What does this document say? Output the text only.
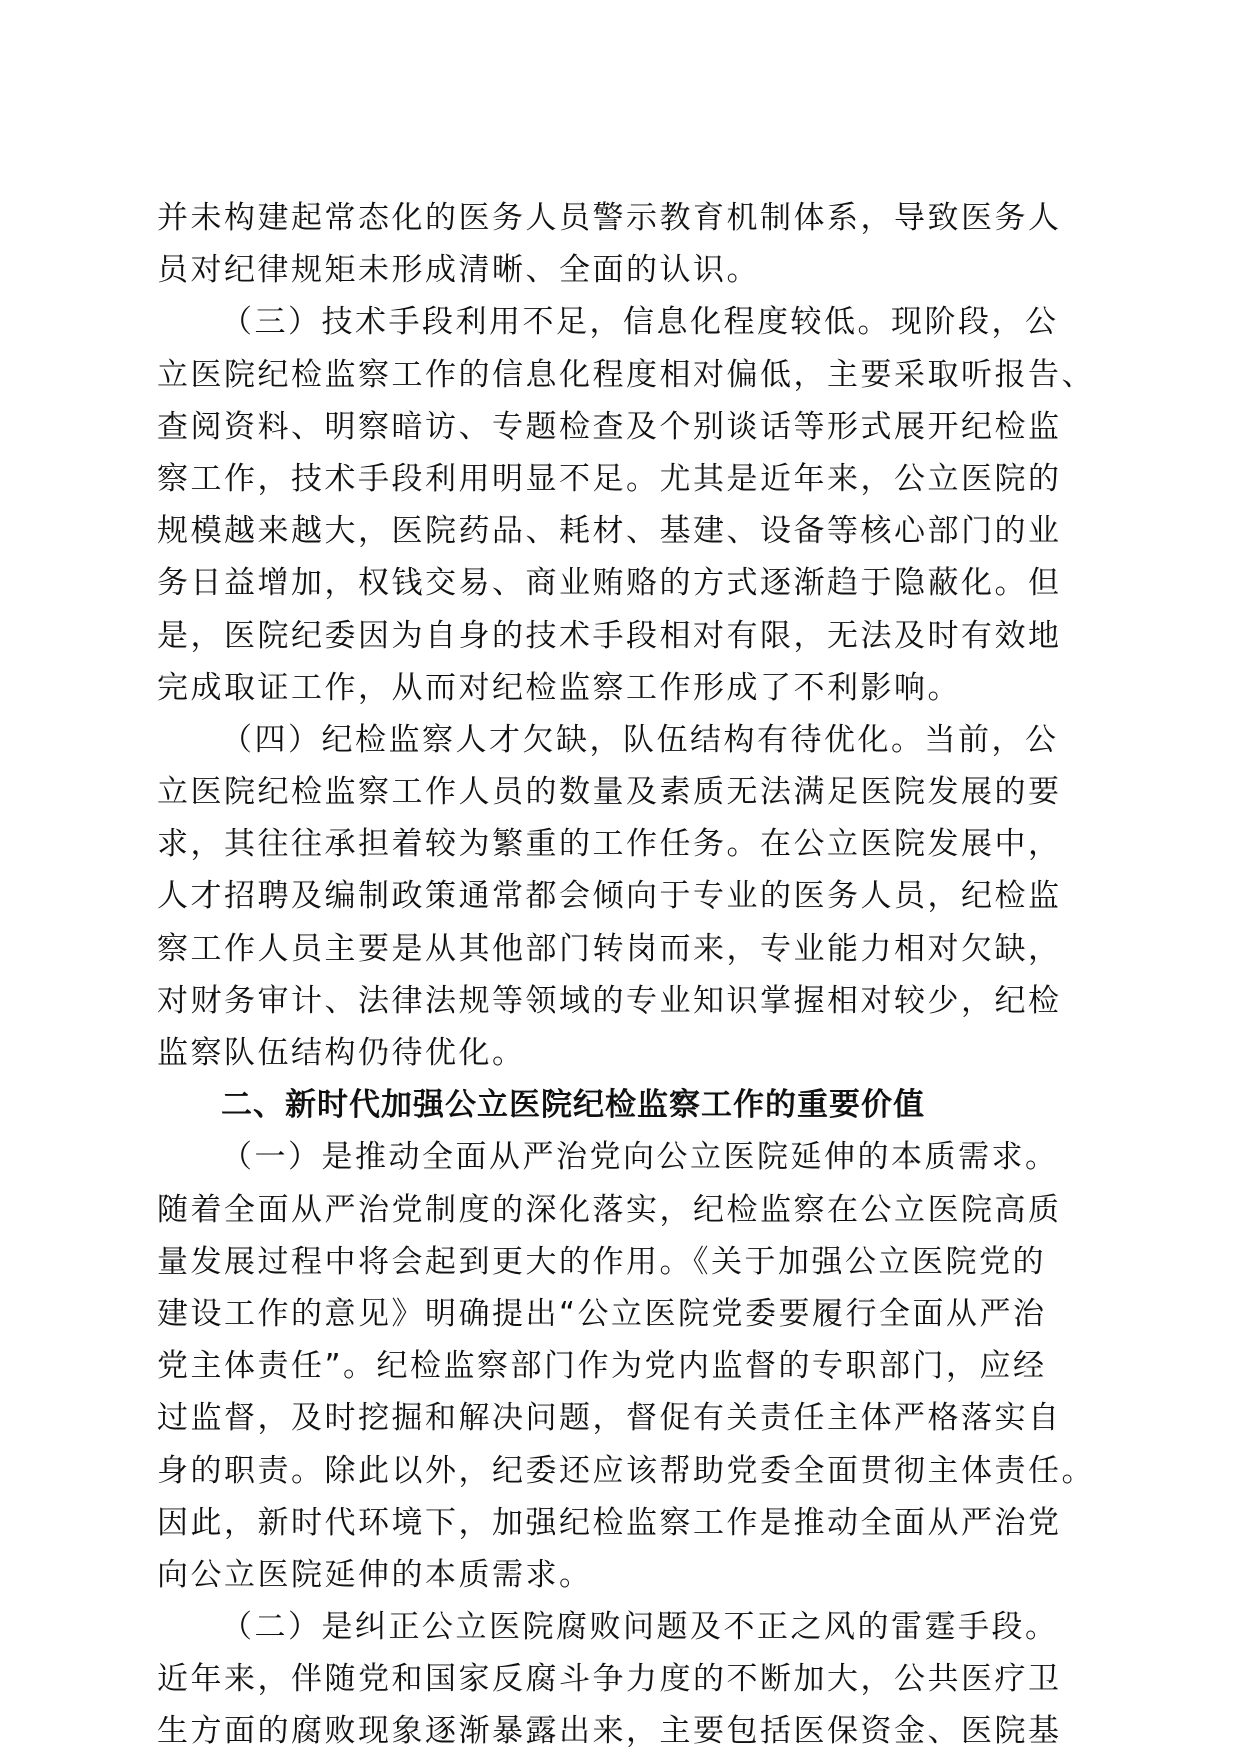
并未构建起常态化的医务人员警示教育机制体系，导致医务人
员对纪律规矩未形成清晰、全面的认识。
（三）技术手段利用不足，信息化程度较低。现阶段，公
立医院纪检监察工作的信息化程度相对偏低，主要采取听报告、
查阅资料、明察暗访、专题检查及个别谈话等形式展开纪检监
察工作，技术手段利用明显不足。尤其是近年来，公立医院的
规模越来越大，医院药品、耗材、基建、设备等核心部门的业
务日益增加，权钱交易、商业贿赂的方式逐渐趋于隐蔽化。但
是，医院纪委因为自身的技术手段相对有限，无法及时有效地
完成取证工作，从而对纪检监察工作形成了不利影响。
（四）纪检监察人才欠缺，队伍结构有待优化。当前，公
立医院纪检监察工作人员的数量及素质无法满足医院发展的要
求，其往往承担着较为繁重的工作任务。在公立医院发展中，
人才招聘及编制政策通常都会倾向于专业的医务人员，纪检监
察工作人员主要是从其他部门转岗而来，专业能力相对欠缺，
对财务审计、法律法规等领域的专业知识掌握相对较少，纪检
监察队伍结构仍待优化。
二、新时代加强公立医院纪检监察工作的重要价值
（一）是推动全面从严治党向公立医院延伸的本质需求。
随着全面从严治党制度的深化落实，纪检监察在公立医院高质
量发展过程中将会起到更大的作用。《关于加强公立医院党的
建设工作的意见》明确提出“公立医院党委要履行全面从严治
党主体责任”。纪检监察部门作为党内监督的专职部门，应经
过监督，及时挖掘和解决问题，督促有关责任主体严格落实自
身的职责。除此以外，纪委还应该帮助党委全面贯彻主体责任。
因此，新时代环境下，加强纪检监察工作是推动全面从严治党
向公立医院延伸的本质需求。
（二）是纠正公立医院腐败问题及不正之风的雷霆手段。
近年来，伴随党和国家反腐斗争力度的不断加大，公共医疗卫
生方面的腐败现象逐渐暴露出来，主要包括医保资金、医院基
